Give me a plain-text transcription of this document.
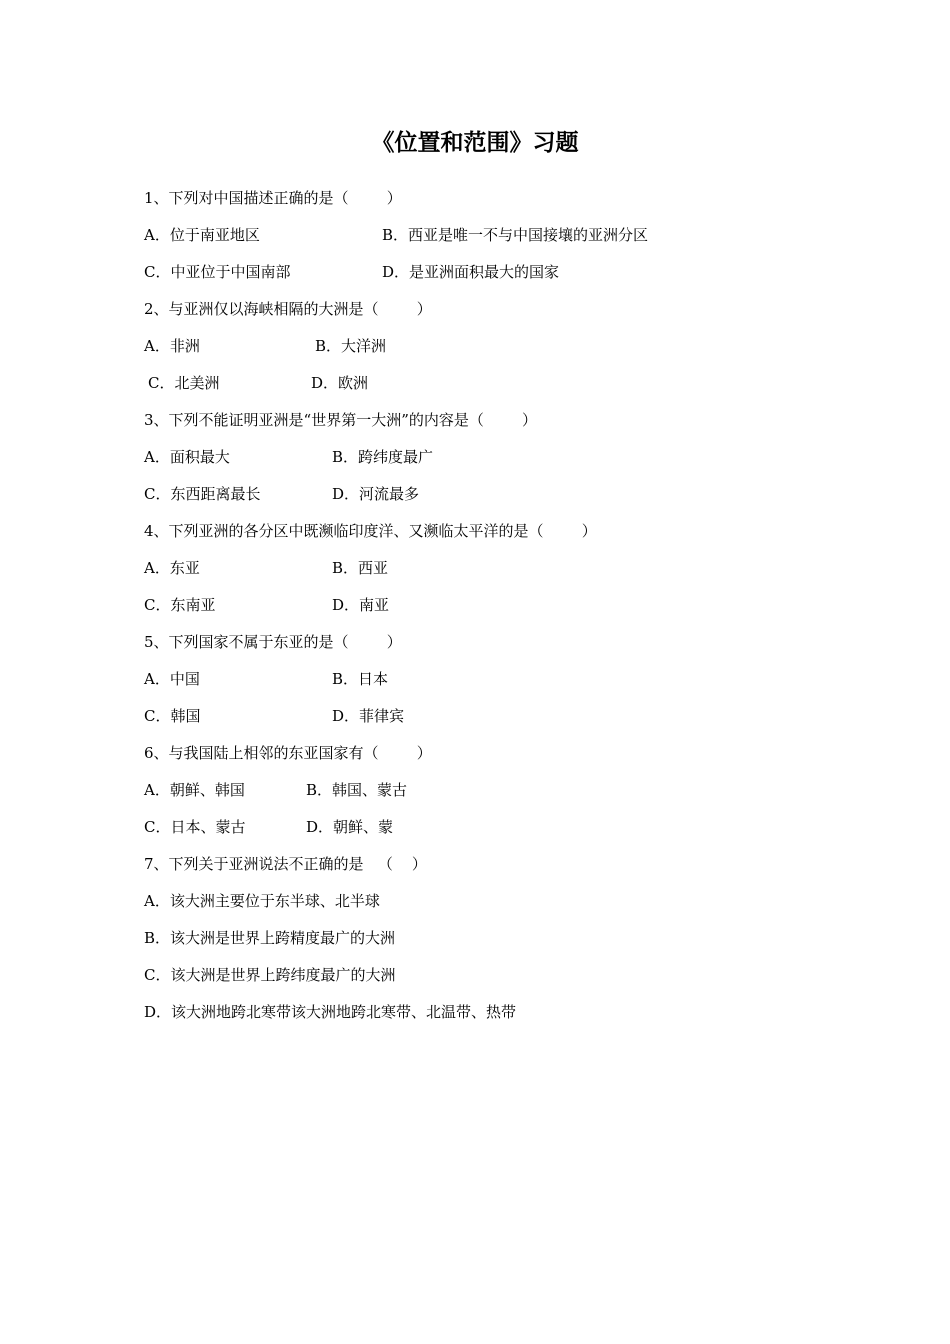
《位置和范围》习题
1、下列对中国描述正确的是（        ）
A．位于南亚地区	B．西亚是唯一不与中国接壤的亚洲分区
C．中亚位于中国南部	D．是亚洲面积最大的国家
2、与亚洲仅以海峡相隔的大洲是（        ）
A．非洲	B．大洋洲
C．北美洲	D．欧洲
3、下列不能证明亚洲是“世界第一大洲”的内容是（        ）
A．面积最大	B．跨纬度最广
C．东西距离最长	D．河流最多
4、下列亚洲的各分区中既濒临印度洋、又濒临太平洋的是（        ）
A．东亚	B．西亚
C．东南亚	D．南亚
5、下列国家不属于东亚的是（        ）
A．中国	B．日本
C．韩国	D．菲律宾
6、与我国陆上相邻的东亚国家有（        ）
A．朝鲜、韩国	B．韩国、蒙古
C．日本、蒙古	D．朝鲜、蒙
7、下列关于亚洲说法不正确的是   （    ）
A．该大洲主要位于东半球、北半球
B．该大洲是世界上跨精度最广的大洲
C．该大洲是世界上跨纬度最广的大洲
D．该大洲地跨北寒带该大洲地跨北寒带、北温带、热带
